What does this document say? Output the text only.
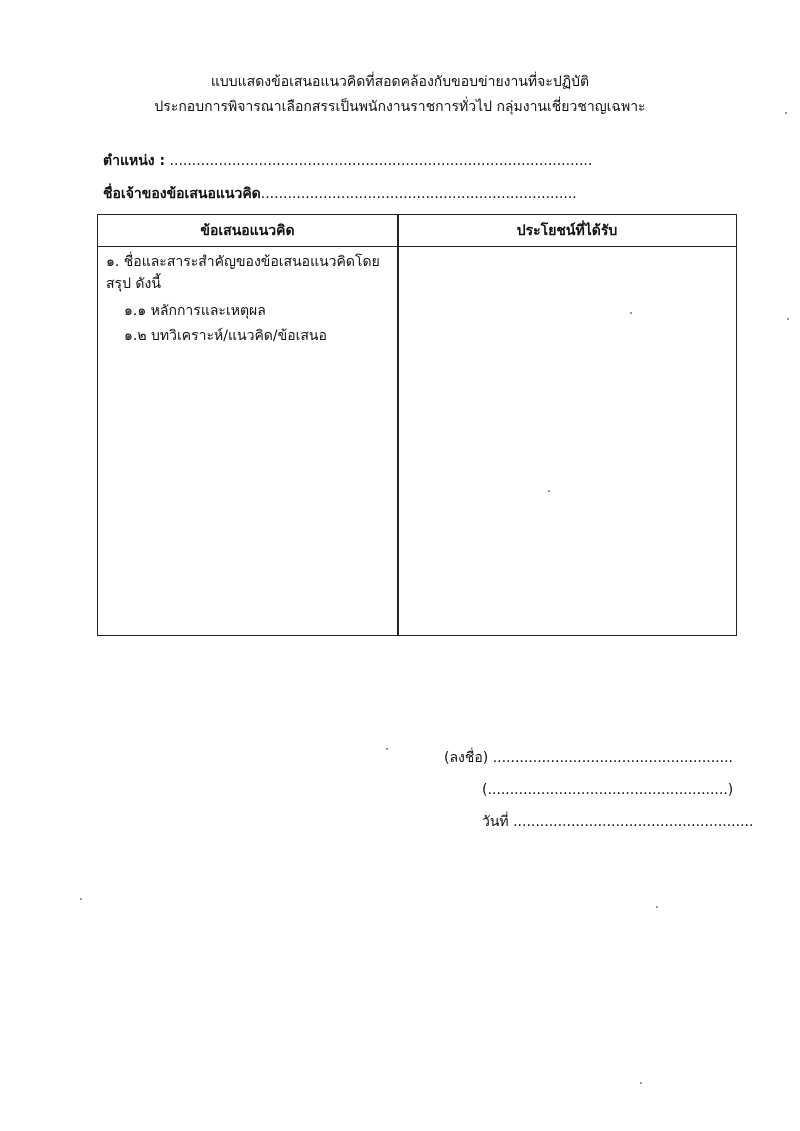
แบบแสดงข้อเสนอแนวคิดที่สอดคล้องกับขอบข่ายงานที่จะปฏิบัติ
ประกอบการพิจารณาเลือกสรรเป็นพนักงานราชการทั่วไป กลุ่มงานเชี่ยวชาญเฉพาะ
ตำแหน่ง : ...............................................................................................
ชื่อเจ้าของข้อเสนอแนวคิด.......................................................................
ข้อเสนอแนวคิด	ประโยชน์ที่ได้รับ
๑. ชื่อและสาระสำคัญของข้อเสนอแนวคิดโดยสรุป ดังนี้
๑.๑ หลักการและเหตุผล
๑.๒ บทวิเคราะห์/แนวคิด/ข้อเสนอ
(ลงชื่อ) ......................................................
(......................................................)
วันที่ ......................................................
